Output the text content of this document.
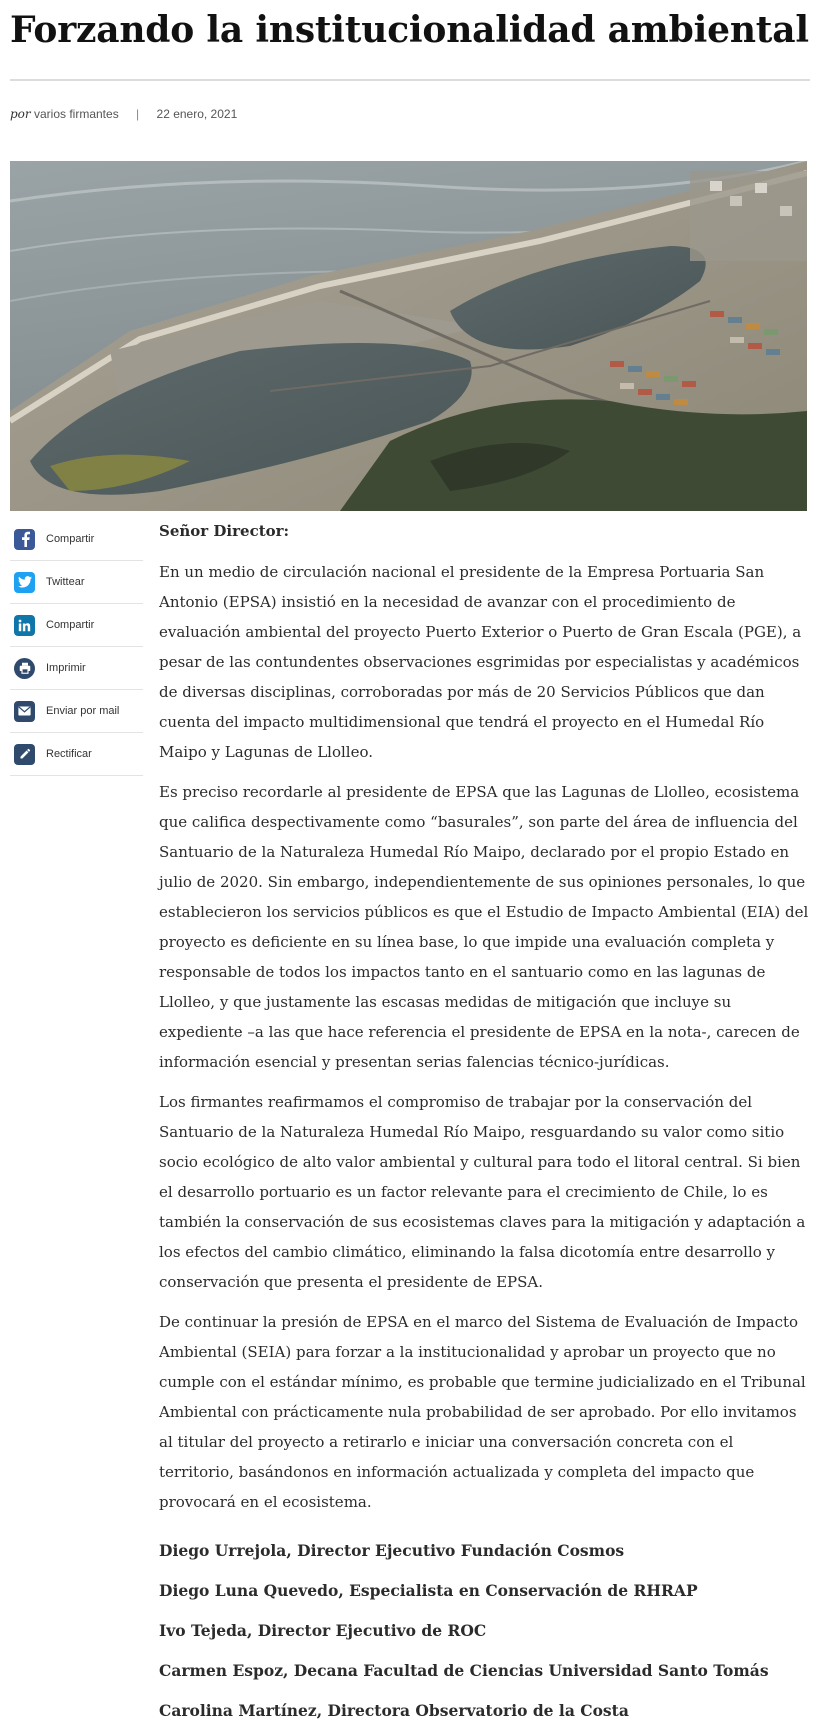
Forzando la institucionalidad ambiental
por varios firmantes | 22 enero, 2021
Compartir
Twittear
Compartir
Imprimir
Enviar por mail
Rectificar

Señor Director:

En un medio de circulación nacional el presidente de la Empresa Portuaria San Antonio (EPSA) insistió en la necesidad de avanzar con el procedimiento de evaluación ambiental del proyecto Puerto Exterior o Puerto de Gran Escala (PGE), a pesar de las contundentes observaciones esgrimidas por especialistas y académicos de diversas disciplinas, corroboradas por más de 20 Servicios Públicos que dan cuenta del impacto multidimensional que tendrá el proyecto en el Humedal Río Maipo y Lagunas de Llolleo.

Es preciso recordarle al presidente de EPSA que las Lagunas de Llolleo, ecosistema que califica despectivamente como “basurales”, son parte del área de influencia del Santuario de la Naturaleza Humedal Río Maipo, declarado por el propio Estado en julio de 2020. Sin embargo, independientemente de sus opiniones personales, lo que establecieron los servicios públicos es que el Estudio de Impacto Ambiental (EIA) del proyecto es deficiente en su línea base, lo que impide una evaluación completa y responsable de todos los impactos tanto en el santuario como en las lagunas de Llolleo, y que justamente las escasas medidas de mitigación que incluye su expediente –a las que hace referencia el presidente de EPSA en la nota-, carecen de información esencial y presentan serias falencias técnico-jurídicas.

Los firmantes reafirmamos el compromiso de trabajar por la conservación del Santuario de la Naturaleza Humedal Río Maipo, resguardando su valor como sitio socio ecológico de alto valor ambiental y cultural para todo el litoral central. Si bien el desarrollo portuario es un factor relevante para el crecimiento de Chile, lo es también la conservación de sus ecosistemas claves para la mitigación y adaptación a los efectos del cambio climático, eliminando la falsa dicotomía entre desarrollo y conservación que presenta el presidente de EPSA.

De continuar la presión de EPSA en el marco del Sistema de Evaluación de Impacto Ambiental (SEIA) para forzar a la institucionalidad y aprobar un proyecto que no cumple con el estándar mínimo, es probable que termine judicializado en el Tribunal Ambiental con prácticamente nula probabilidad de ser aprobado. Por ello invitamos al titular del proyecto a retirarlo e iniciar una conversación concreta con el territorio, basándonos en información actualizada y completa del impacto que provocará en el ecosistema.

Diego Urrejola, Director Ejecutivo Fundación Cosmos
Diego Luna Quevedo, Especialista en Conservación de RHRAP
Ivo Tejeda, Director Ejecutivo de ROC
Carmen Espoz, Decana Facultad de Ciencias Universidad Santo Tomás
Carolina Martínez, Directora Observatorio de la Costa
